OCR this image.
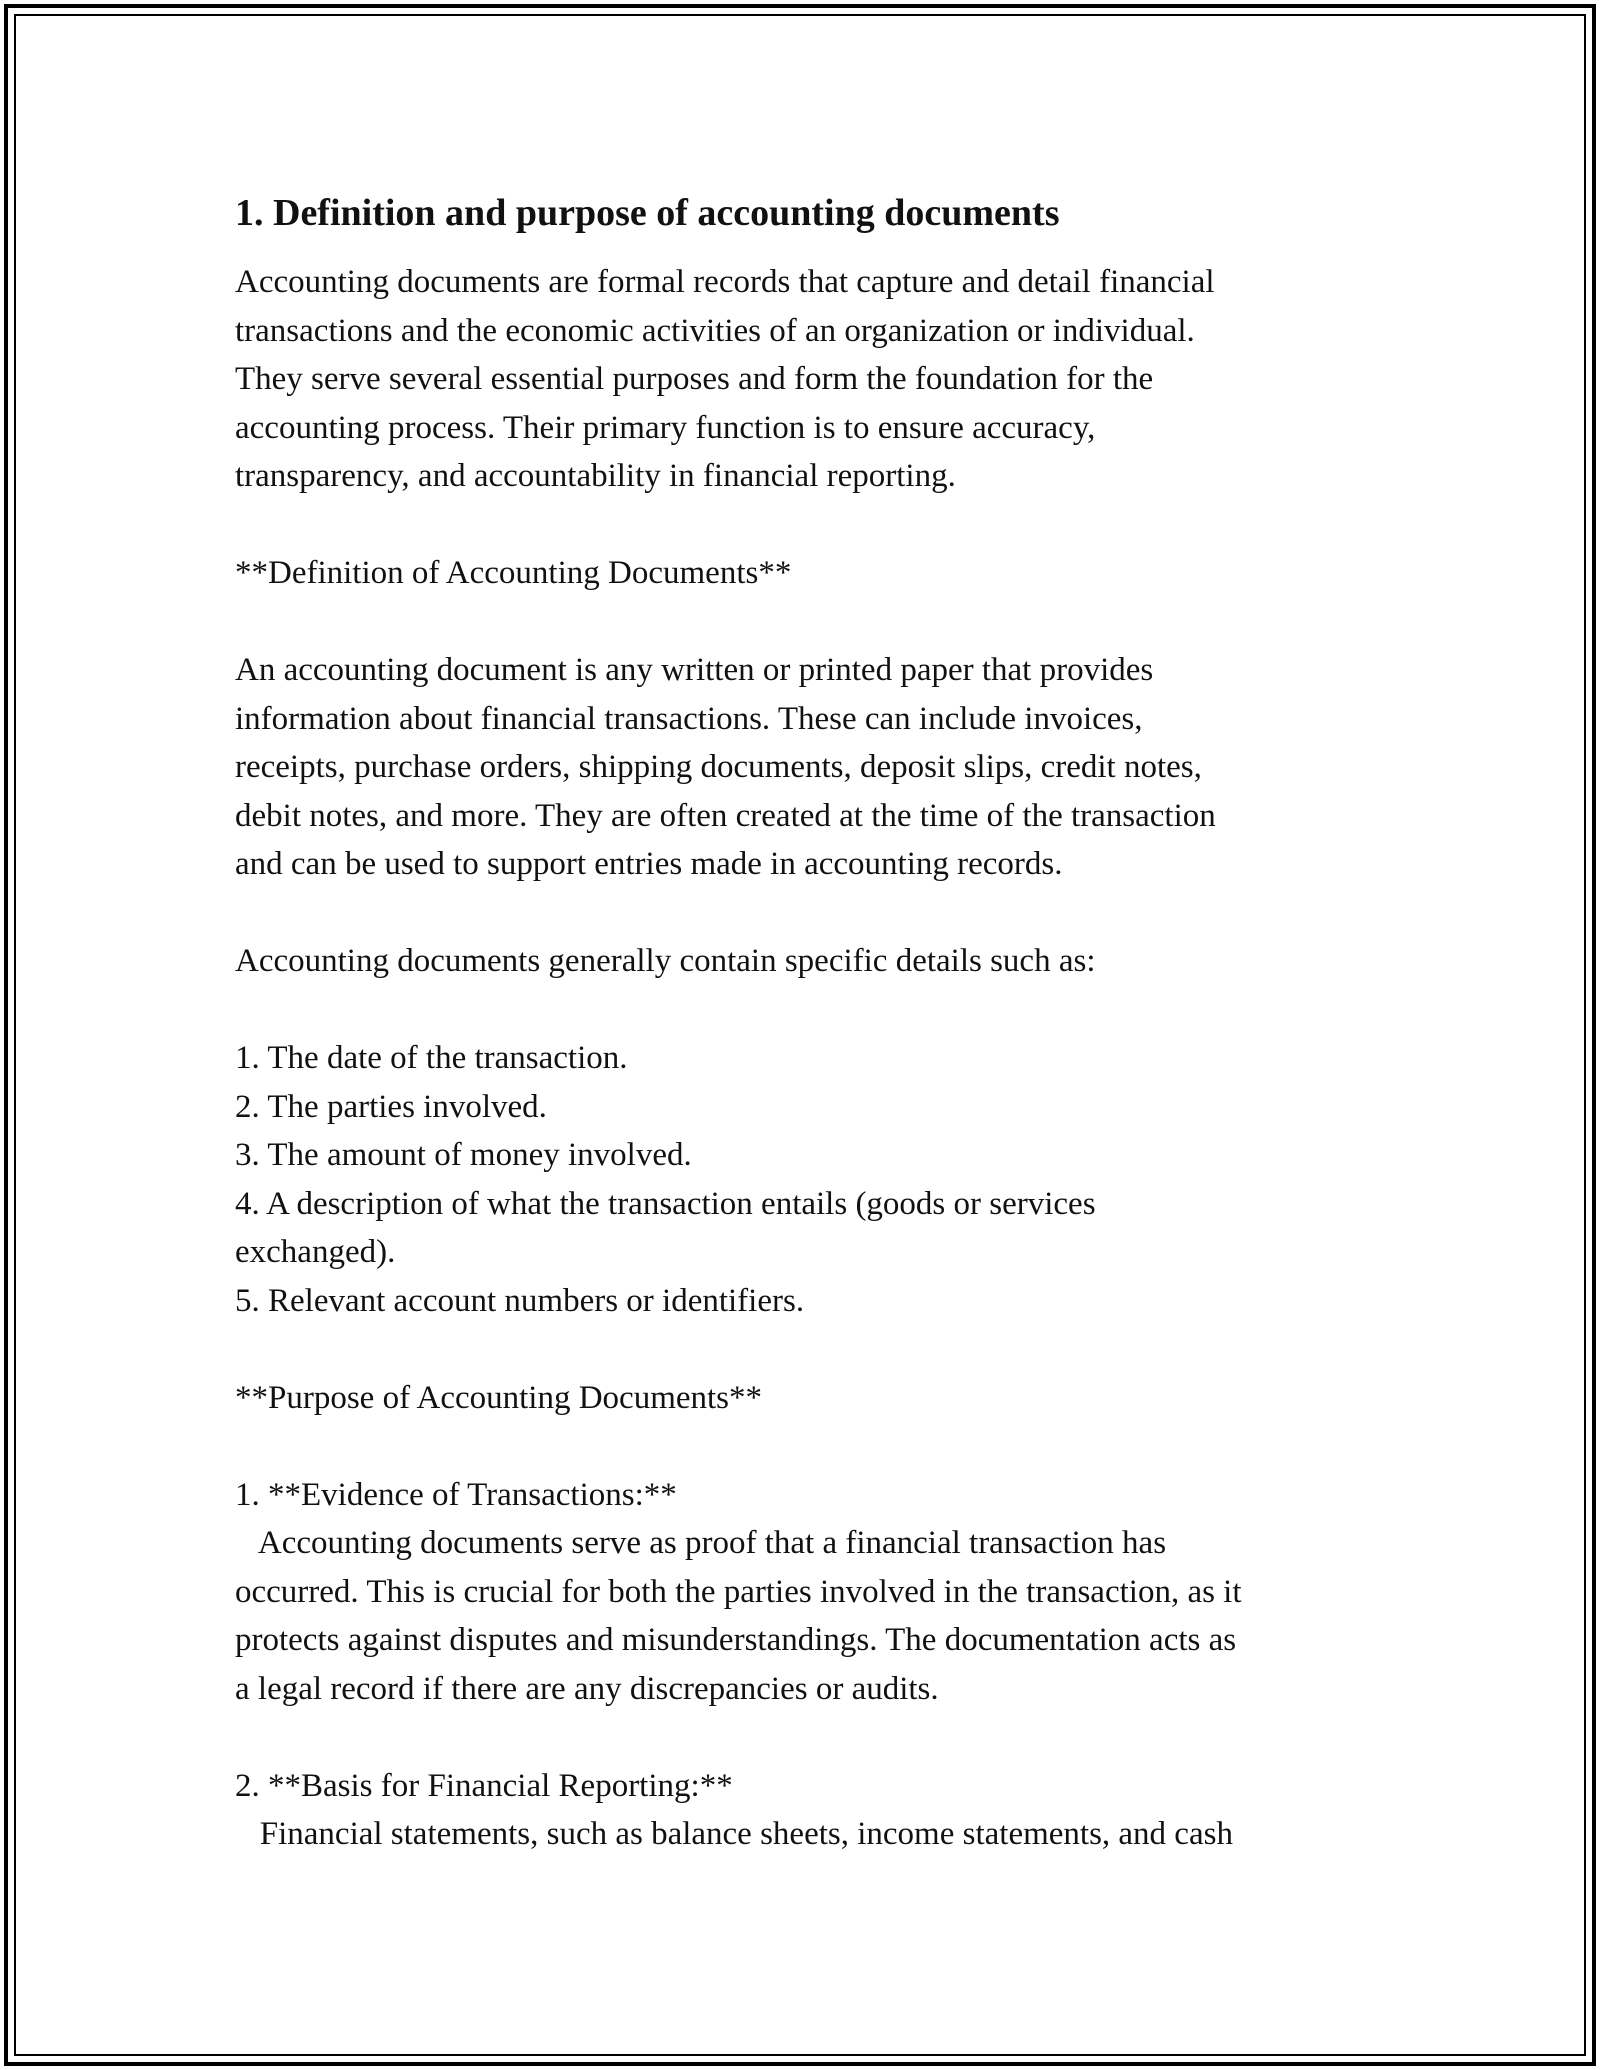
1. Definition and purpose of accounting documents
Accounting documents are formal records that capture and detail financial
transactions and the economic activities of an organization or individual.
They serve several essential purposes and form the foundation for the
accounting process. Their primary function is to ensure accuracy,
transparency, and accountability in financial reporting.
**Definition of Accounting Documents**
An accounting document is any written or printed paper that provides
information about financial transactions. These can include invoices,
receipts, purchase orders, shipping documents, deposit slips, credit notes,
debit notes, and more. They are often created at the time of the transaction
and can be used to support entries made in accounting records.
Accounting documents generally contain specific details such as:
1. The date of the transaction.
2. The parties involved.
3. The amount of money involved.
4. A description of what the transaction entails (goods or services
exchanged).
5. Relevant account numbers or identifiers.
**Purpose of Accounting Documents**
1. **Evidence of Transactions:**
Accounting documents serve as proof that a financial transaction has
occurred. This is crucial for both the parties involved in the transaction, as it
protects against disputes and misunderstandings. The documentation acts as
a legal record if there are any discrepancies or audits.
2. **Basis for Financial Reporting:**
Financial statements, such as balance sheets, income statements, and cash
